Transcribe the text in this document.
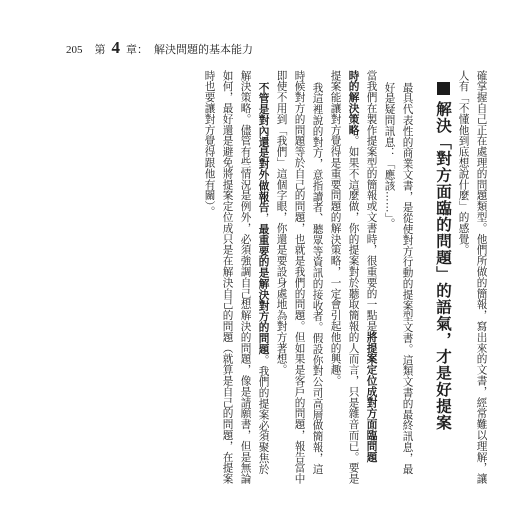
205 第 4 章： 解決問題的基本能力
確掌握自己正在處理的問題類型。他們所做的簡報，寫出來的文書，經常難以理解，讓
人有「不懂他到底想說什麼」的感覺。
最具代表性的商業文書，是從使對方行動的提案型文書。這類文書的最終訊息，最
好是疑問訊息：「應該……」。
當我們在製作提案型的簡報或文書時，很重要的一點是將提案定位成對方面臨問題
時的解決策略。如果不這麼做，你的提案對於聽取簡報的人而言，只是雜音而已。要是
提案能讓對方覺得是重要問題的解決策略，一定會引起他的興趣。
我這裡說的對方，意指讀者、聽眾等資訊的接收者。假設你對公司高層做簡報，這
時候對方的問題等於自己的問題，也就是我們的問題。但如果是客戶的問題，報告當中
即使不用到「我們」這個字眼，你還是要設身處地為對方著想。
不管是對內還是對外做報告，最重要的是解決對方的問題。我們的提案必須聚焦於
解決策略。儘管有些情況是例外，必須強調自己想解決的問題，像是請願書，但是無論
如何，最好還是避免將提案定位成只是在解決自己的問題（就算是自己的問題，在提案
時也要讓對方覺得跟他有關）。	解決「對方面臨的問題」的語氣，才是好提案
